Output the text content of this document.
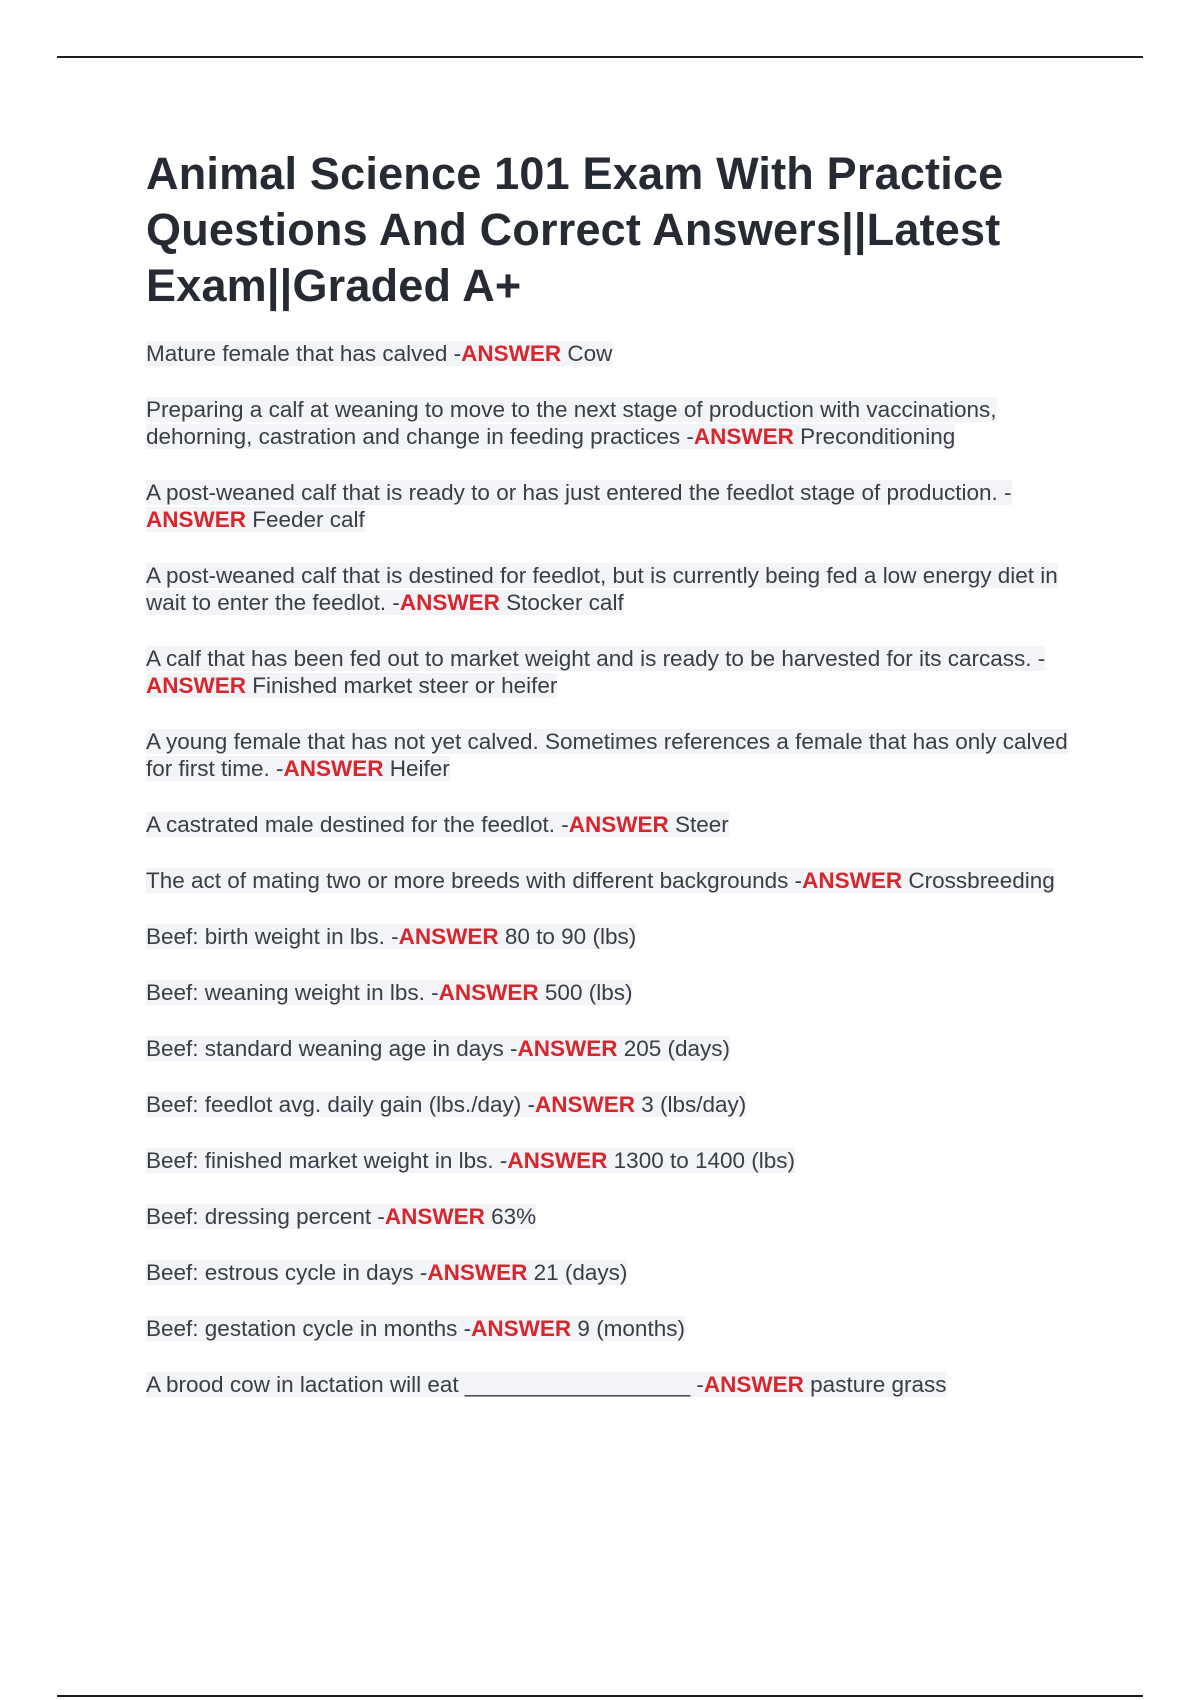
Animal Science 101 Exam With Practice Questions And Correct Answers||Latest Exam||Graded A+

Mature female that has calved -ANSWER Cow

Preparing a calf at weaning to move to the next stage of production with vaccinations, dehorning, castration and change in feeding practices -ANSWER Preconditioning

A post-weaned calf that is ready to or has just entered the feedlot stage of production. -ANSWER Feeder calf

A post-weaned calf that is destined for feedlot, but is currently being fed a low energy diet in wait to enter the feedlot. -ANSWER Stocker calf

A calf that has been fed out to market weight and is ready to be harvested for its carcass. -ANSWER Finished market steer or heifer

A young female that has not yet calved. Sometimes references a female that has only calved for first time. -ANSWER Heifer

A castrated male destined for the feedlot. -ANSWER Steer

The act of mating two or more breeds with different backgrounds -ANSWER Crossbreeding

Beef: birth weight in lbs. -ANSWER 80 to 90 (lbs)

Beef: weaning weight in lbs. -ANSWER 500 (lbs)

Beef: standard weaning age in days -ANSWER 205 (days)

Beef: feedlot avg. daily gain (lbs./day) -ANSWER 3 (lbs/day)

Beef: finished market weight in lbs. -ANSWER 1300 to 1400 (lbs)

Beef: dressing percent -ANSWER 63%

Beef: estrous cycle in days -ANSWER 21 (days)

Beef: gestation cycle in months -ANSWER 9 (months)

A brood cow in lactation will eat __________________ -ANSWER pasture grass
